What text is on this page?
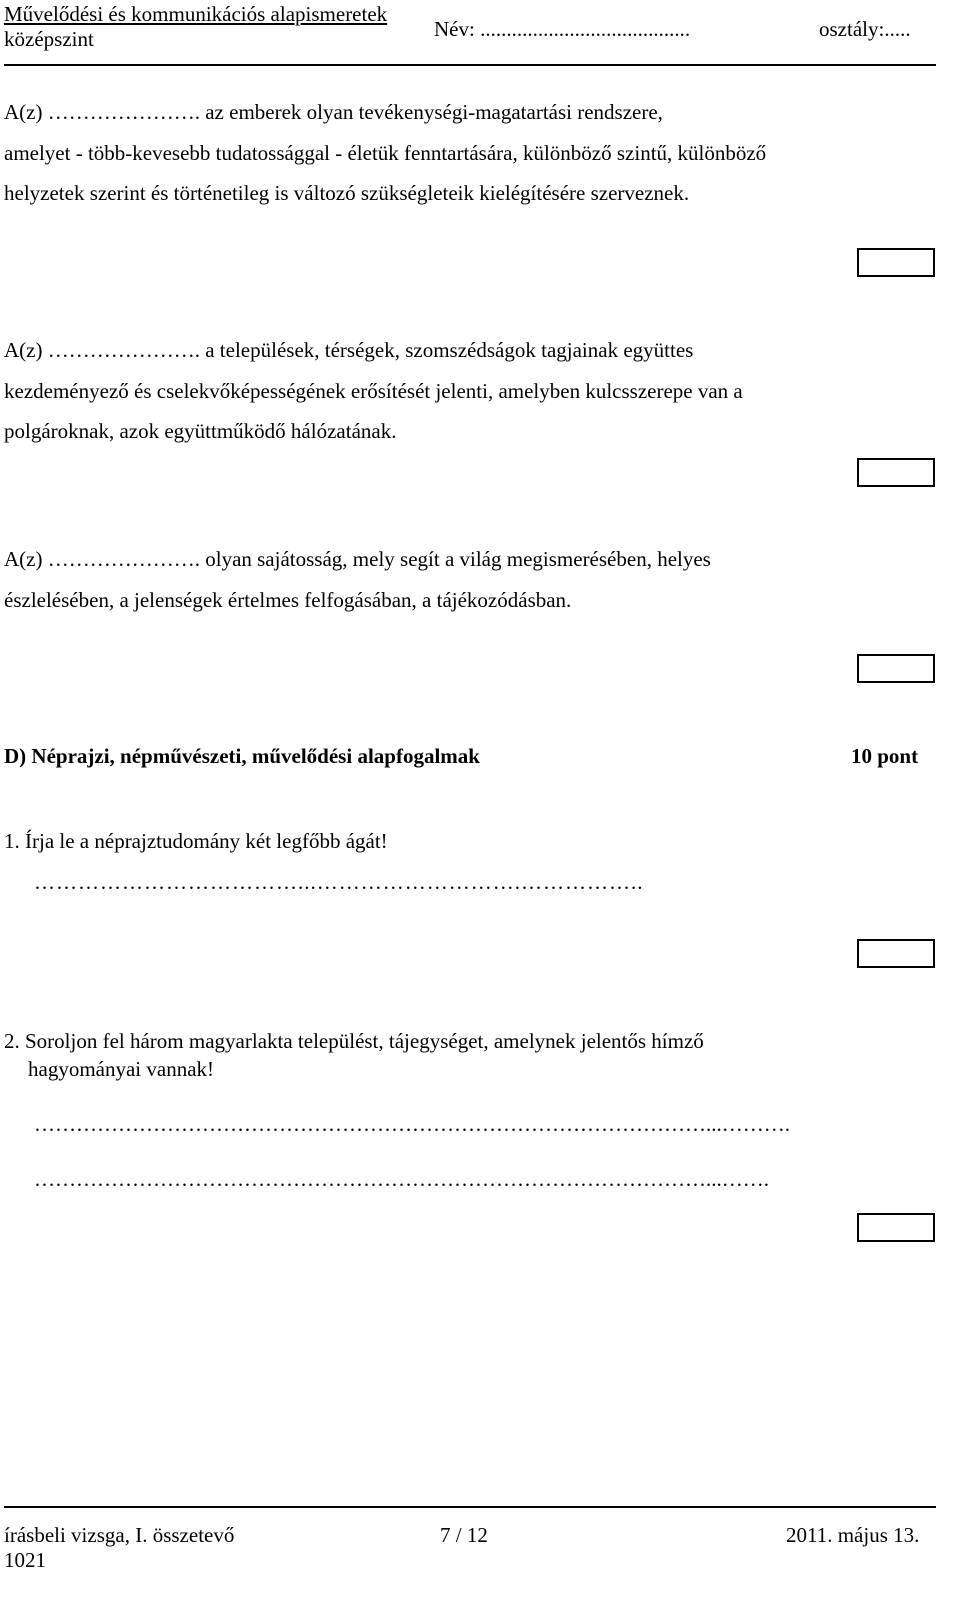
Művelődési és kommunikációs alapismeretek
középszint	Név: ........................................	osztály:.....
A(z) …………………. az emberek olyan tevékenységi-magatartási rendszere,
amelyet - több-kevesebb tudatossággal - életük fenntartására, különböző szintű, különböző
helyzetek szerint és történetileg is változó szükségleteik kielégítésére szerveznek.
A(z) …………………. a települések, térségek, szomszédságok tagjainak együttes
kezdeményező és cselekvőképességének erősítését jelenti, amelyben kulcsszerepe van a
polgároknak, azok együttműködő hálózatának.
A(z) …………………. olyan sajátosság, mely segít a világ megismerésében, helyes
észlelésében, a jelenségek értelmes felfogásában, a tájékozódásban.
D) Néprajzi, népművészeti, művelődési alapfogalmak	10 pont
1. Írja le a néprajztudomány két legfőbb ágát!
………………………………...……………………….……………..
2. Soroljon fel három magyarlakta települést, tájegységet, amelynek jelentős hímző
hagyományai vannak!
……………………………………………………………………………………...……….
……………………………………………………………………………………...…….
írásbeli vizsga, I. összetevő
1021
7 / 12	2011. május 13.
